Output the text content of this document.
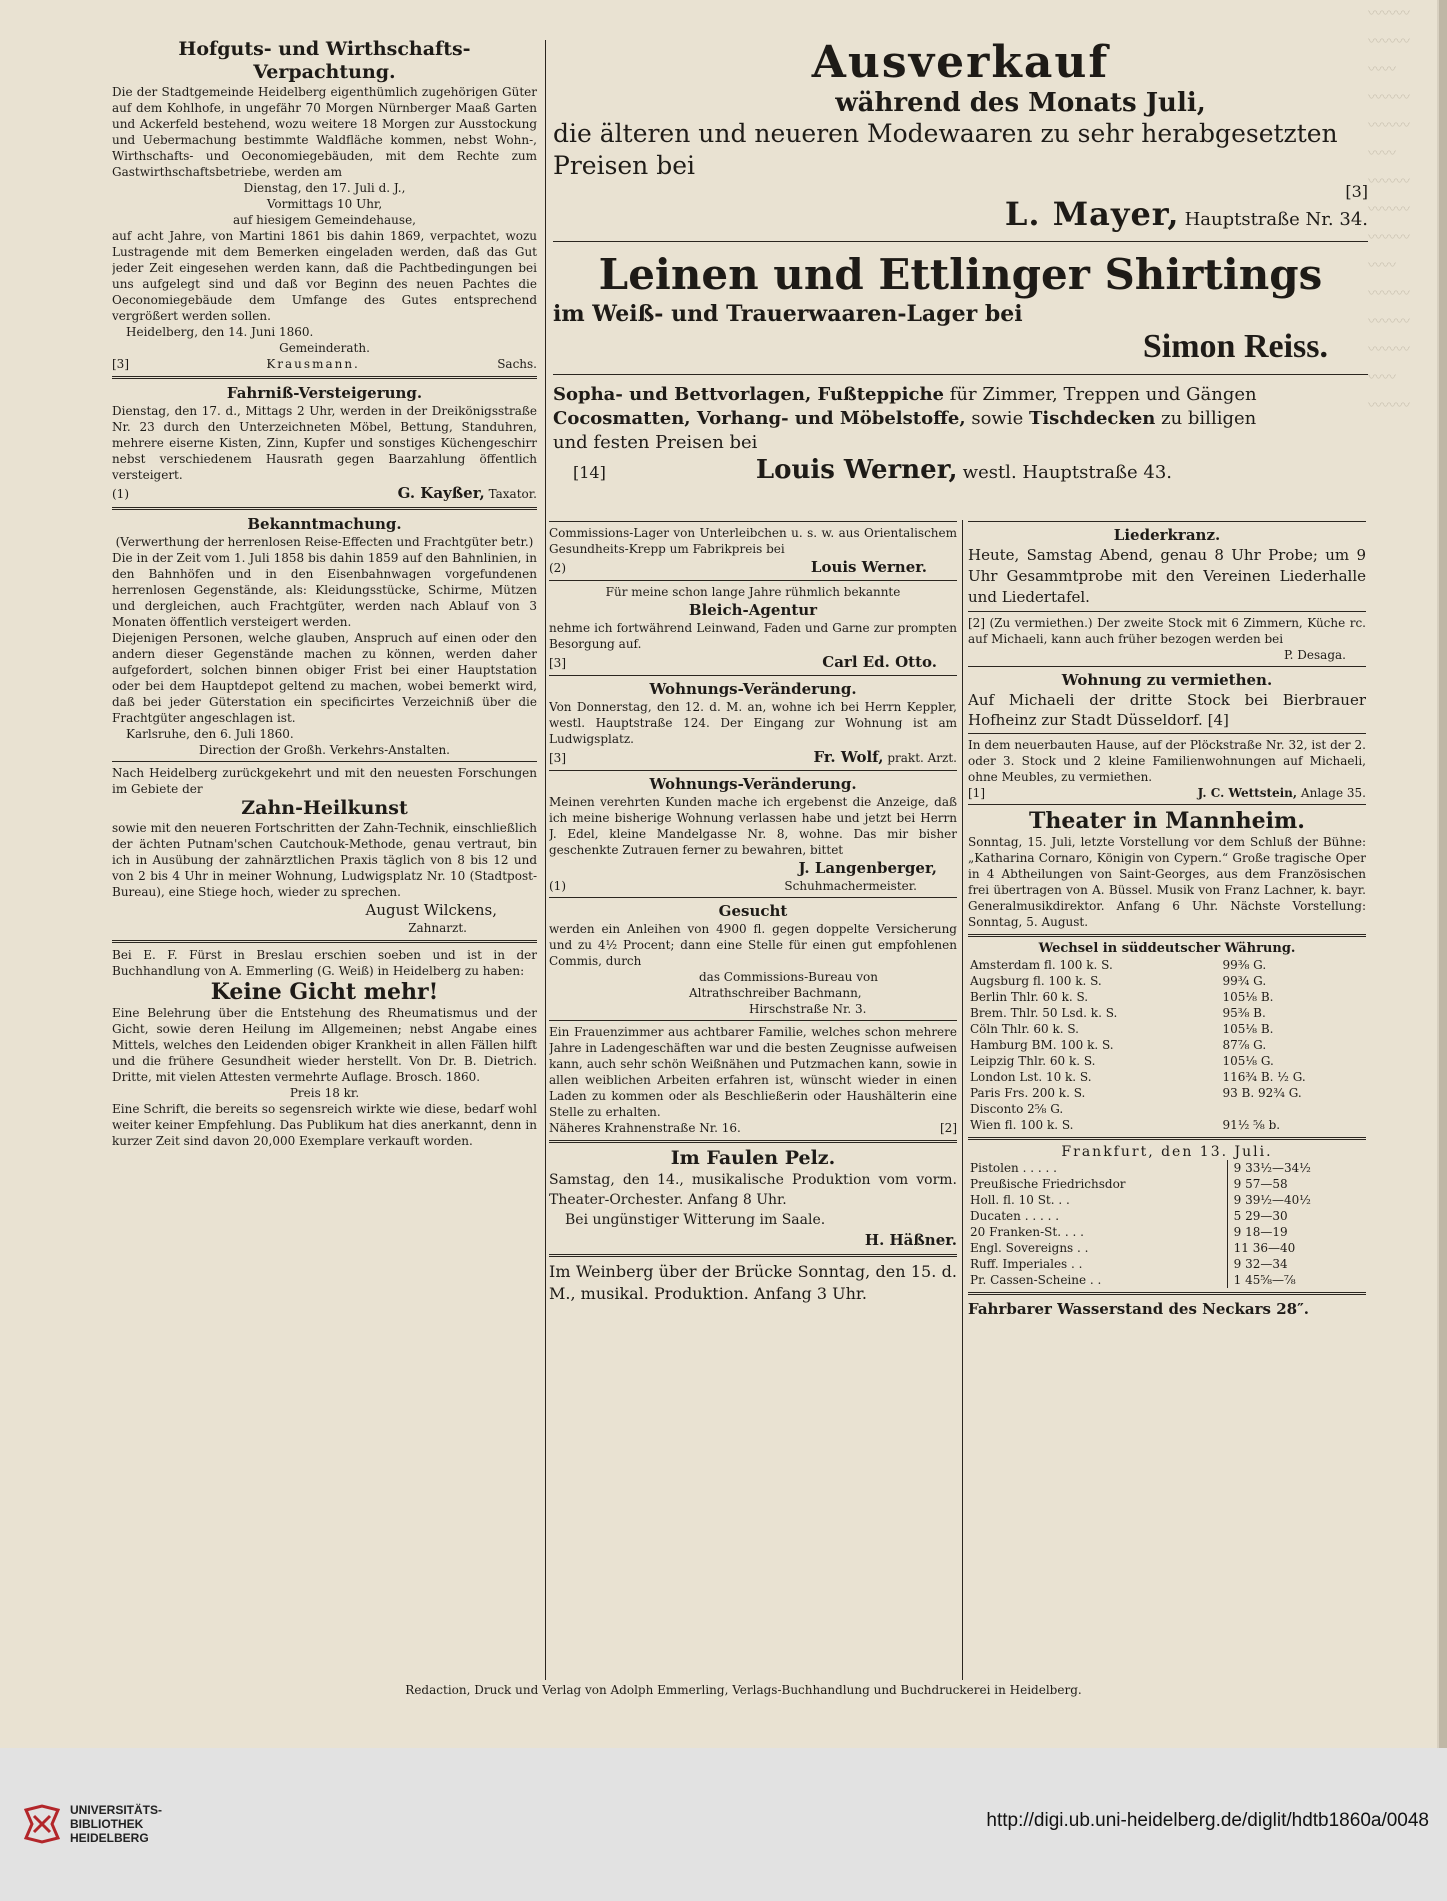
〰〰〰
〰〰〰
〰〰
〰〰〰
〰〰〰
〰〰
〰〰〰
〰〰〰
〰〰〰
〰〰
〰〰〰
〰〰〰
〰〰〰
〰〰
〰〰〰

Hofguts- und Wirthschafts-

Verpachtung.

Die der Stadtgemeinde Heidelberg eigenthümlich zugehörigen Güter auf dem Kohlhofe, in ungefähr 70 Morgen Nürnberger Maaß Garten und Ackerfeld bestehend, wozu weitere 18 Morgen zur Ausstockung und Uebermachung bestimmte Waldfläche kommen, nebst Wohn-, Wirthschafts- und Oeconomiegebäuden, mit dem Rechte zum Gastwirthschaftsbetriebe, werden am

Dienstag, den 17. Juli d. J.,

Vormittags 10 Uhr,

auf hiesigem Gemeindehause,

auf acht Jahre, von Martini 1861 bis dahin 1869, verpachtet, wozu Lustragende mit dem Bemerken eingeladen werden, daß das Gut jeder Zeit eingesehen werden kann, daß die Pachtbedingungen bei uns aufgelegt sind und daß vor Beginn des neuen Pachtes die Oeconomiegebäude dem Umfange des Gutes entsprechend vergrößert werden sollen.

Heidelberg, den 14. Juni 1860.

Gemeinderath.

[3]	Krausmann.	Sachs.

Fahrniß-Versteigerung.

Dienstag, den 17. d., Mittags 2 Uhr, werden in der Dreikönigsstraße Nr. 23 durch den Unterzeichneten Möbel, Bettung, Standuhren, mehrere eiserne Kisten, Zinn, Kupfer und sonstiges Küchengeschirr nebst verschiedenem Hausrath gegen Baarzahlung öffentlich versteigert.

(1)	G. Kayßer, Taxator.

Bekanntmachung.

(Verwerthung der herrenlosen Reise-Effecten und Frachtgüter betr.)

Die in der Zeit vom 1. Juli 1858 bis dahin 1859 auf den Bahnlinien, in den Bahnhöfen und in den Eisenbahnwagen vorgefundenen herrenlosen Gegenstände, als: Kleidungsstücke, Schirme, Mützen und dergleichen, auch Frachtgüter, werden nach Ablauf von 3 Monaten öffentlich versteigert werden.

Diejenigen Personen, welche glauben, Anspruch auf einen oder den andern dieser Gegenstände machen zu können, werden daher aufgefordert, solchen binnen obiger Frist bei einer Hauptstation oder bei dem Hauptdepot geltend zu machen, wobei bemerkt wird, daß bei jeder Güterstation ein specificirtes Verzeichniß über die Frachtgüter angeschlagen ist.

Karlsruhe, den 6. Juli 1860.

Direction der Großh. Verkehrs-Anstalten.

Nach Heidelberg zurückgekehrt und mit den neuesten Forschungen im Gebiete der

Zahn-Heilkunst

sowie mit den neueren Fortschritten der Zahn-Technik, einschließlich der ächten Putnam'schen Cautchouk-Methode, genau vertraut, bin ich in Ausübung der zahnärztlichen Praxis täglich von 8 bis 12 und von 2 bis 4 Uhr in meiner Wohnung, Ludwigsplatz Nr. 10 (Stadtpost-Bureau), eine Stiege hoch, wieder zu sprechen.

August Wilckens,

Zahnarzt.

Bei E. F. Fürst in Breslau erschien soeben und ist in der Buchhandlung von A. Emmerling (G. Weiß) in Heidelberg zu haben:

Keine Gicht mehr!

Eine Belehrung über die Entstehung des Rheumatismus und der Gicht, sowie deren Heilung im Allgemeinen; nebst Angabe eines Mittels, welches den Leidenden obiger Krankheit in allen Fällen hilft und die frühere Gesundheit wieder herstellt. Von Dr. B. Dietrich. Dritte, mit vielen Attesten vermehrte Auflage. Brosch. 1860.

Preis 18 kr.

Eine Schrift, die bereits so segensreich wirkte wie diese, bedarf wohl weiter keiner Empfehlung. Das Publikum hat dies anerkannt, denn in kurzer Zeit sind davon 20,000 Exemplare verkauft worden.

Ausverkauf

während des Monats Juli,

die älteren und neueren Modewaaren zu sehr herabgesetzten Preisen bei

[3]
L. Mayer, Hauptstraße Nr. 34.

Leinen und Ettlinger Shirtings

im Weiß- und Trauerwaaren-Lager bei

Simon Reiss.

Sopha- und Bettvorlagen, Fußteppiche für Zimmer, Treppen und Gängen

Cocosmatten, Vorhang- und Möbelstoffe, sowie Tischdecken zu billigen

und festen Preisen bei

[14]	Louis Werner, westl. Hauptstraße 43.

Commissions-Lager von Unterleibchen u. s. w. aus Orientalischem Gesundheits-Krepp um Fabrikpreis bei

(2)	Louis Werner.

Für meine schon lange Jahre rühmlich bekannte

Bleich-Agentur

nehme ich fortwährend Leinwand, Faden und Garne zur prompten Besorgung auf.

[3]	Carl Ed. Otto.

Wohnungs-Veränderung.

Von Donnerstag, den 12. d. M. an, wohne ich bei Herrn Keppler, westl. Hauptstraße 124. Der Eingang zur Wohnung ist am Ludwigsplatz.

[3]	Fr. Wolf, prakt. Arzt.

Wohnungs-Veränderung.

Meinen verehrten Kunden mache ich ergebenst die Anzeige, daß ich meine bisherige Wohnung verlassen habe und jetzt bei Herrn J. Edel, kleine Mandelgasse Nr. 8, wohne. Das mir bisher geschenkte Zutrauen ferner zu bewahren, bittet

J. Langenberger,

(1)	Schuhmachermeister.

Gesucht

werden ein Anleihen von 4900 fl. gegen doppelte Versicherung und zu 4½ Procent; dann eine Stelle für einen gut empfohlenen Commis, durch

das Commissions-Bureau von

Altrathschreiber Bachmann,

Hirschstraße Nr. 3.

Ein Frauenzimmer aus achtbarer Familie, welches schon mehrere Jahre in Ladengeschäften war und die besten Zeugnisse aufweisen kann, auch sehr schön Weißnähen und Putzmachen kann, sowie in allen weiblichen Arbeiten erfahren ist, wünscht wieder in einen Laden zu kommen oder als Beschließerin oder Haushälterin eine Stelle zu erhalten.

Näheres Krahnenstraße Nr. 16.	[2]

Im Faulen Pelz.

Samstag, den 14., musikalische Produktion vom vorm. Theater-Orchester. Anfang 8 Uhr.

Bei ungünstiger Witterung im Saale.

H. Häßner.

Im Weinberg über der Brücke Sonntag, den 15. d. M., musikal. Produktion. Anfang 3 Uhr.

Liederkranz.

Heute, Samstag Abend, genau 8 Uhr Probe; um 9 Uhr Gesammtprobe mit den Vereinen Liederhalle und Liedertafel.

[2] (Zu vermiethen.) Der zweite Stock mit 6 Zimmern, Küche rc. auf Michaeli, kann auch früher bezogen werden bei

P. Desaga.

Wohnung zu vermiethen.

Auf Michaeli der dritte Stock bei Bierbrauer Hofheinz zur Stadt Düsseldorf. [4]

In dem neuerbauten Hause, auf der Plöckstraße Nr. 32, ist der 2. oder 3. Stock und 2 kleine Familienwohnungen auf Michaeli, ohne Meubles, zu vermiethen.

[1]	J. C. Wettstein, Anlage 35.

Theater in Mannheim.

Sonntag, 15. Juli, letzte Vorstellung vor dem Schluß der Bühne: „Katharina Cornaro, Königin von Cypern.“ Große tragische Oper in 4 Abtheilungen von Saint-Georges, aus dem Französischen frei übertragen von A. Büssel. Musik von Franz Lachner, k. bayr. Generalmusikdirektor. Anfang 6 Uhr. Nächste Vorstellung: Sonntag, 5. August.

Wechsel in süddeutscher Währung.

Amsterdam fl. 100 k. S.	99⅜ G.
Augsburg fl. 100 k. S.	99¾ G.
Berlin Thlr. 60 k. S.	105⅛ B.
Brem. Thlr. 50 Lsd. k. S.	95⅜ B.
Cöln Thlr. 60 k. S.	105⅛ B.
Hamburg BM. 100 k. S.	87⅞ G.
Leipzig Thlr. 60 k. S.	105⅛ G.
London Lst. 10 k. S.	116¾ B. ½ G.
Paris Frs. 200 k. S.	93 B. 92¾ G.
Disconto 2⅝ G.	
Wien fl. 100 k. S.	91½ ⅝ b.

Frankfurt, den 13. Juli.

Pistolen . . . . .	9 33½—34½
Preußische Friedrichsdor	9 57—58
Holl. fl. 10 St. . .	9 39½—40½
Ducaten . . . . .	5 29—30
20 Franken-St. . . .	9 18—19
Engl. Sovereigns . .	11 36—40
Ruff. Imperiales . .	9 32—34
Pr. Cassen-Scheine . .	1 45⅝—⅞

Fahrbarer Wasserstand des Neckars 28″.

Redaction, Druck und Verlag von Adolph Emmerling, Verlags-Buchhandlung und Buchdruckerei in Heidelberg.
UNIVERSITÄTS-
BIBLIOTHEK
HEIDELBERG
http://digi.ub.uni-heidelberg.de/diglit/hdtb1860a/0048
